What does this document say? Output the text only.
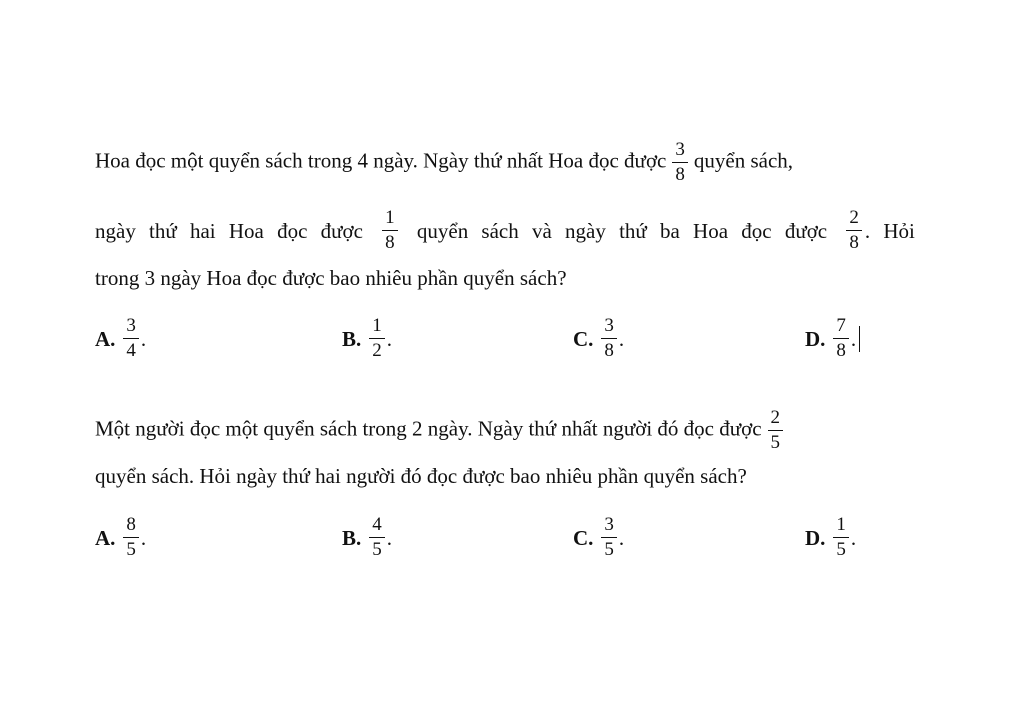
Hoa đọc một quyển sách trong 4 ngày. Ngày thứ nhất Hoa đọc được $\frac{3}{8}$ quyển sách,
ngày thứ hai Hoa đọc được $\frac{1}{8}$ quyển sách và ngày thứ ba Hoa đọc được $\frac{2}{8}$ . Hỏi
trong 3 ngày Hoa đọc được bao nhiêu phần quyển sách?
A. $\frac{3}{4}$ .	B. $\frac{1}{2}$ .	C. $\frac{3}{8}$ .	D. $\frac{7}{8}$ .
Một người đọc một quyển sách trong 2 ngày. Ngày thứ nhất người đó đọc được $\frac{2}{5}$
quyển sách. Hỏi ngày thứ hai người đó đọc được bao nhiêu phần quyển sách?
A. $\frac{8}{5}$ .	B. $\frac{4}{5}$ .	C. $\frac{3}{5}$ .	D. $\frac{1}{5}$ .
